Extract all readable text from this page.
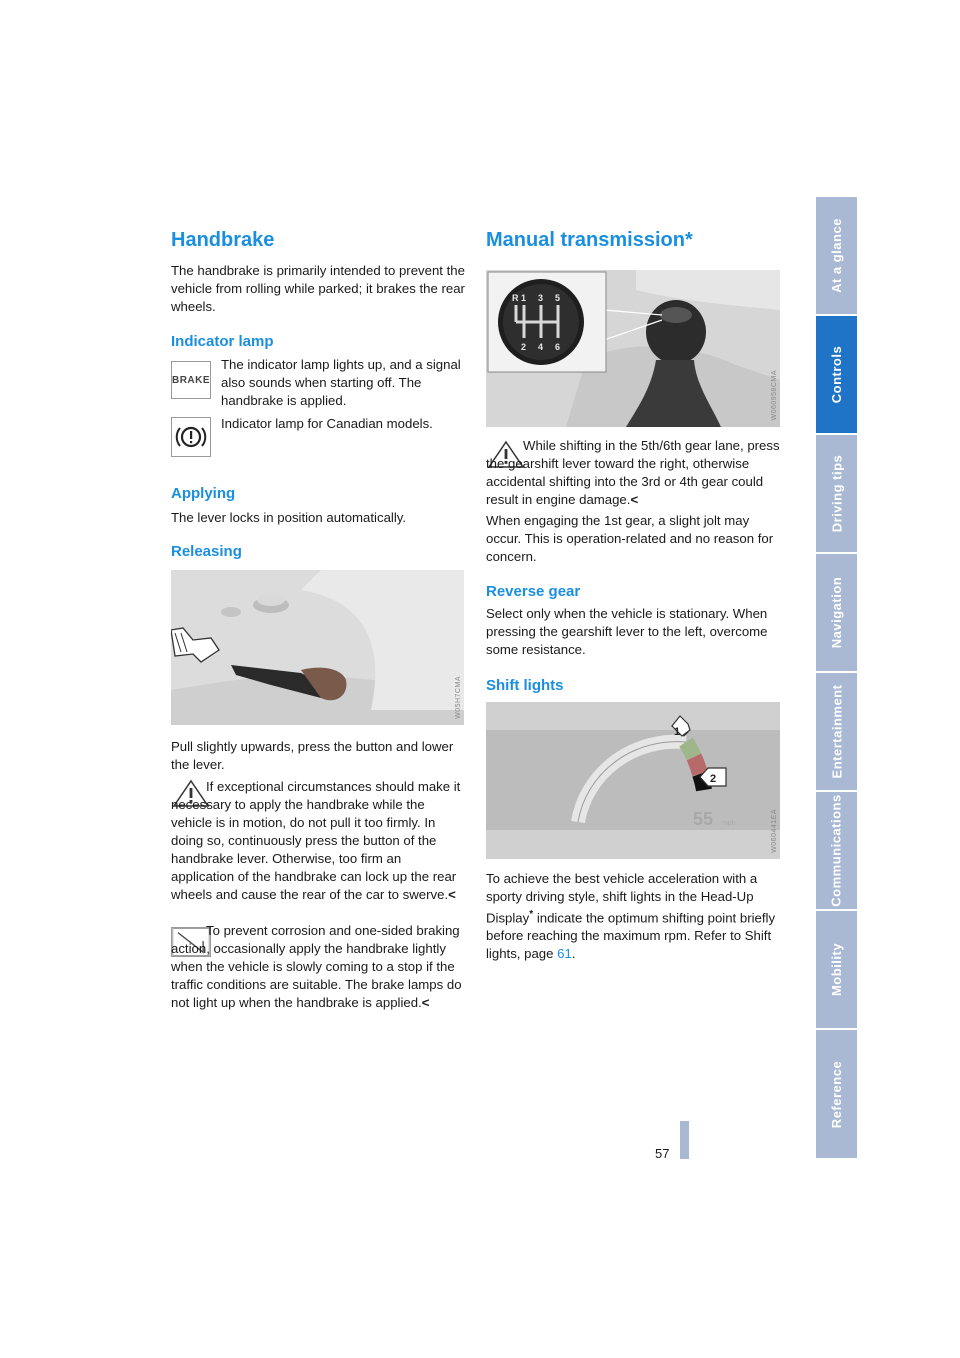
At a glance
Controls
Driving tips
Navigation
Entertainment
Communications
Mobility
Reference
Handbrake

The handbrake is primarily intended to prevent the vehicle from rolling while parked; it brakes the rear wheels.

Indicator lamp
BRAKE

The indicator lamp lights up, and a signal also sounds when starting off. The handbrake is applied.

Indicator lamp for Canadian models.

Applying

The lever locks in position automatically.

Releasing
W05H7CMA

Pull slightly upwards, press the button and lower the lever.

If exceptional circumstances should make it necessary to apply the handbrake while the vehicle is in motion, do not pull it too firmly. In doing so, continuously press the button of the handbrake lever. Otherwise, too firm an application of the handbrake can lock up the rear wheels and cause the rear of the car to swerve.<

To prevent corrosion and one-sided braking action, occasionally apply the handbrake lightly when the vehicle is slowly coming to a stop if the traffic conditions are suitable. The brake lamps do not light up when the handbrake is applied.<

Manual transmission*
R 1 3 5
2 4 6
W060958CMA

While shifting in the 5th/6th gear lane, press the gearshift lever toward the right, otherwise accidental shifting into the 3rd or 4th gear could result in engine damage.<

When engaging the 1st gear, a slight jolt may occur. This is operation-related and no reason for concern.

Reverse gear

Select only when the vehicle is stationary. When pressing the gearshift lever to the left, overcome some resistance.

Shift lights
1
2
55 mph	W060441EA

To achieve the best vehicle acceleration with a sporty driving style, shift lights in the Head-Up Display* indicate the optimum shifting point briefly before reaching the maximum rpm. Refer to Shift lights, page 61.

57
